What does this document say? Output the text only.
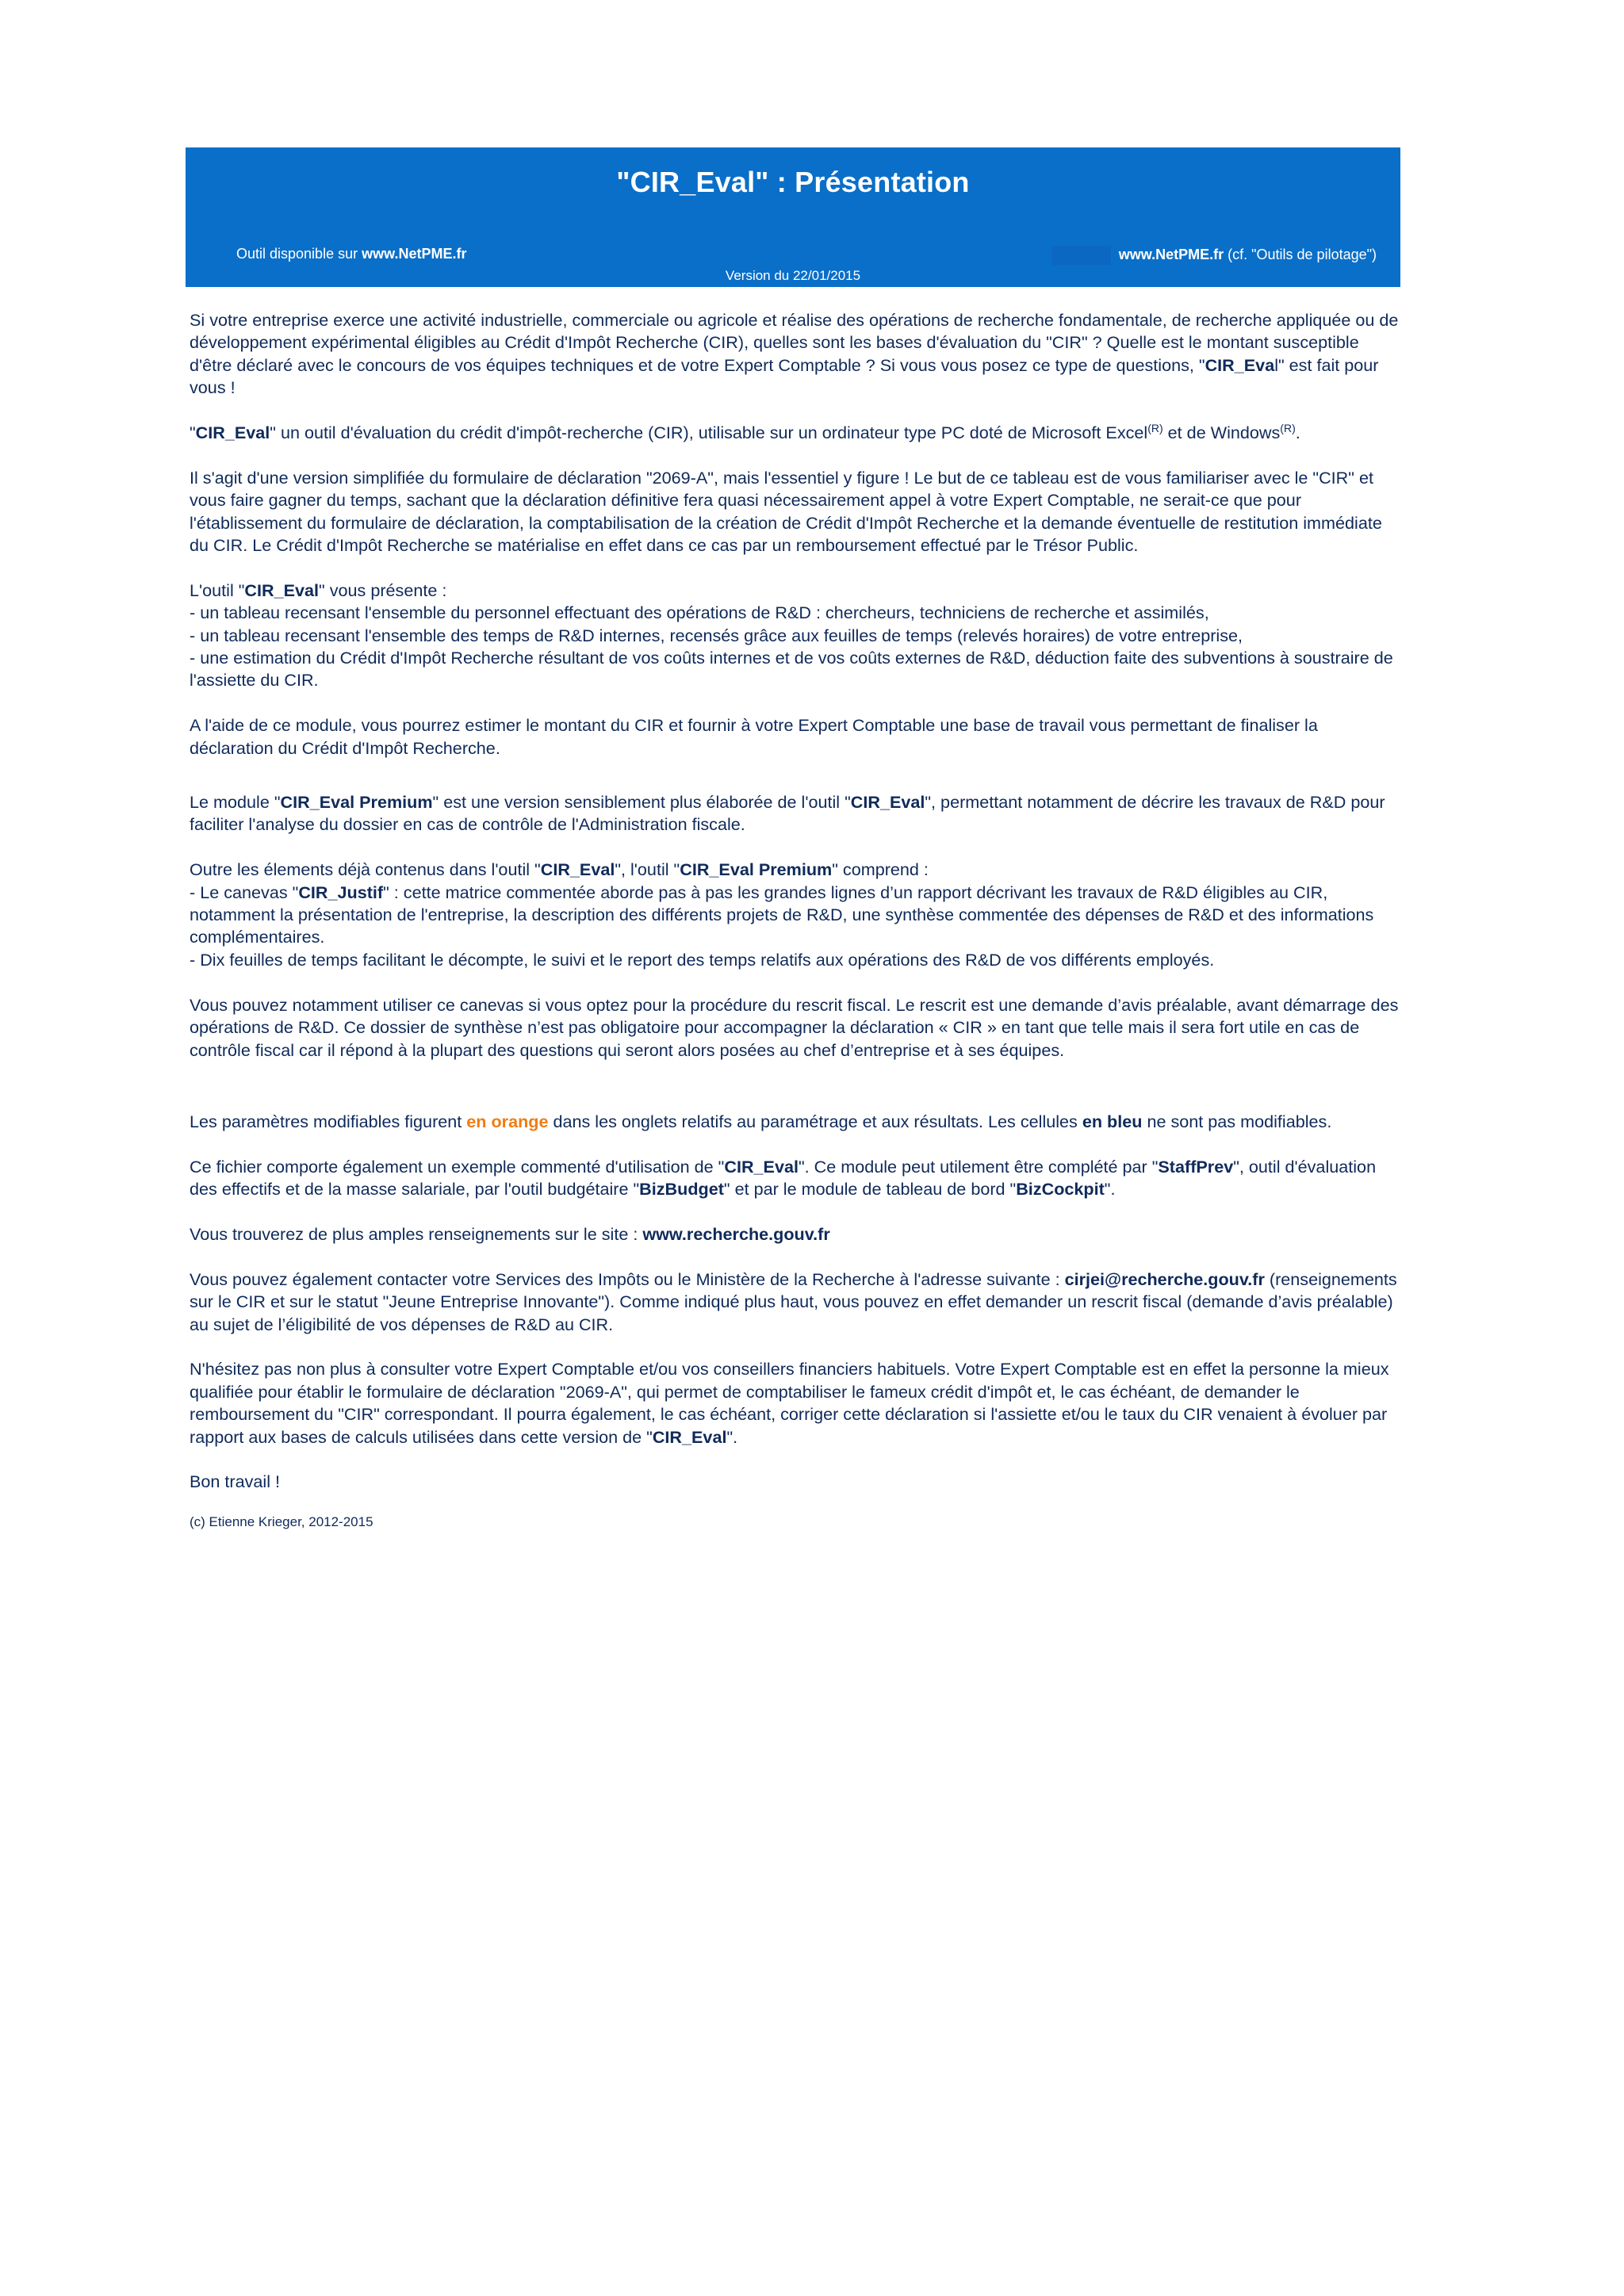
"CIR_Eval" : Présentation
Outil disponible sur www.NetPME.fr	www.NetPME.fr (cf. "Outils de pilotage")
Version du 22/01/2015

Si votre entreprise exerce une activité industrielle, commerciale ou agricole et réalise des opérations de recherche fondamentale, de recherche appliquée ou de développement expérimental éligibles au Crédit d'Impôt Recherche (CIR), quelles sont les bases d'évaluation du "CIR" ? Quelle est le montant susceptible d'être déclaré avec le concours de vos équipes techniques et de votre Expert Comptable ? Si vous vous posez ce type de questions, "CIR_Eval" est fait pour vous !

"CIR_Eval" un outil d'évaluation du crédit d'impôt-recherche (CIR), utilisable sur un ordinateur type PC doté de Microsoft Excel$^{(R)}$ et de Windows$^{(R)}$.

Il s'agit d'une version simplifiée du formulaire de déclaration "2069-A", mais l'essentiel y figure ! Le but de ce tableau est de vous familiariser avec le "CIR" et vous faire gagner du temps, sachant que la déclaration définitive fera quasi nécessairement appel à votre Expert Comptable, ne serait-ce que pour l'établissement du formulaire de déclaration, la comptabilisation de la création de Crédit d'Impôt Recherche et la demande éventuelle de restitution immédiate du CIR. Le Crédit d'Impôt Recherche se matérialise en effet dans ce cas par un remboursement effectué par le Trésor Public.

L'outil "CIR_Eval" vous présente :
- un tableau recensant l'ensemble du personnel effectuant des opérations de R&D : chercheurs, techniciens de recherche et assimilés,
- un tableau recensant l'ensemble des temps de R&D internes, recensés grâce aux feuilles de temps (relevés horaires) de votre entreprise,
- une estimation du Crédit d'Impôt Recherche résultant de vos coûts internes et de vos coûts externes de R&D, déduction faite des subventions à soustraire de l'assiette du CIR.

A l'aide de ce module, vous pourrez estimer le montant du CIR et fournir à votre Expert Comptable une base de travail vous permettant de finaliser la déclaration du Crédit d'Impôt Recherche.

Le module "CIR_Eval Premium" est une version sensiblement plus élaborée de l'outil "CIR_Eval", permettant notamment de décrire les travaux de R&D pour faciliter l'analyse du dossier en cas de contrôle de l'Administration fiscale.

Outre les élements déjà contenus dans l'outil "CIR_Eval", l'outil "CIR_Eval Premium" comprend :
- Le canevas "CIR_Justif" : cette matrice commentée aborde pas à pas les grandes lignes d’un rapport décrivant les travaux de R&D éligibles au CIR, notamment la présentation de l'entreprise, la description des différents projets de R&D, une synthèse commentée des dépenses de R&D et des informations complémentaires.
- Dix feuilles de temps facilitant le décompte, le suivi et le report des temps relatifs aux opérations des R&D de vos différents employés.

Vous pouvez notamment utiliser ce canevas si vous optez pour la procédure du rescrit fiscal. Le rescrit est une demande d’avis préalable, avant démarrage des opérations de R&D. Ce dossier de synthèse n’est pas obligatoire pour accompagner la déclaration « CIR » en tant que telle mais il sera fort utile en cas de contrôle fiscal car il répond à la plupart des questions qui seront alors posées au chef d’entreprise et à ses équipes.

Les paramètres modifiables figurent en orange dans les onglets relatifs au paramétrage et aux résultats. Les cellules en bleu ne sont pas modifiables.

Ce fichier comporte également un exemple commenté d'utilisation de "CIR_Eval". Ce module peut utilement être complété par "StaffPrev", outil d'évaluation des effectifs et de la masse salariale, par l'outil budgétaire "BizBudget" et par le module de tableau de bord "BizCockpit".

Vous trouverez de plus amples renseignements sur le site : www.recherche.gouv.fr

Vous pouvez également contacter votre Services des Impôts ou le Ministère de la Recherche à l'adresse suivante : cirjei@recherche.gouv.fr (renseignements sur le CIR et sur le statut "Jeune Entreprise Innovante"). Comme indiqué plus haut, vous pouvez en effet demander un rescrit fiscal (demande d’avis préalable) au sujet de l’éligibilité de vos dépenses de R&D au CIR.

N'hésitez pas non plus à consulter votre Expert Comptable et/ou vos conseillers financiers habituels. Votre Expert Comptable est en effet la personne la mieux qualifiée pour établir le formulaire de déclaration "2069-A", qui permet de comptabiliser le fameux crédit d'impôt et, le cas échéant, de demander le remboursement du "CIR" correspondant. Il pourra également, le cas échéant, corriger cette déclaration si l'assiette et/ou le taux du CIR venaient à évoluer par rapport aux bases de calculs utilisées dans cette version de "CIR_Eval".

Bon travail !

(c) Etienne Krieger, 2012-2015
